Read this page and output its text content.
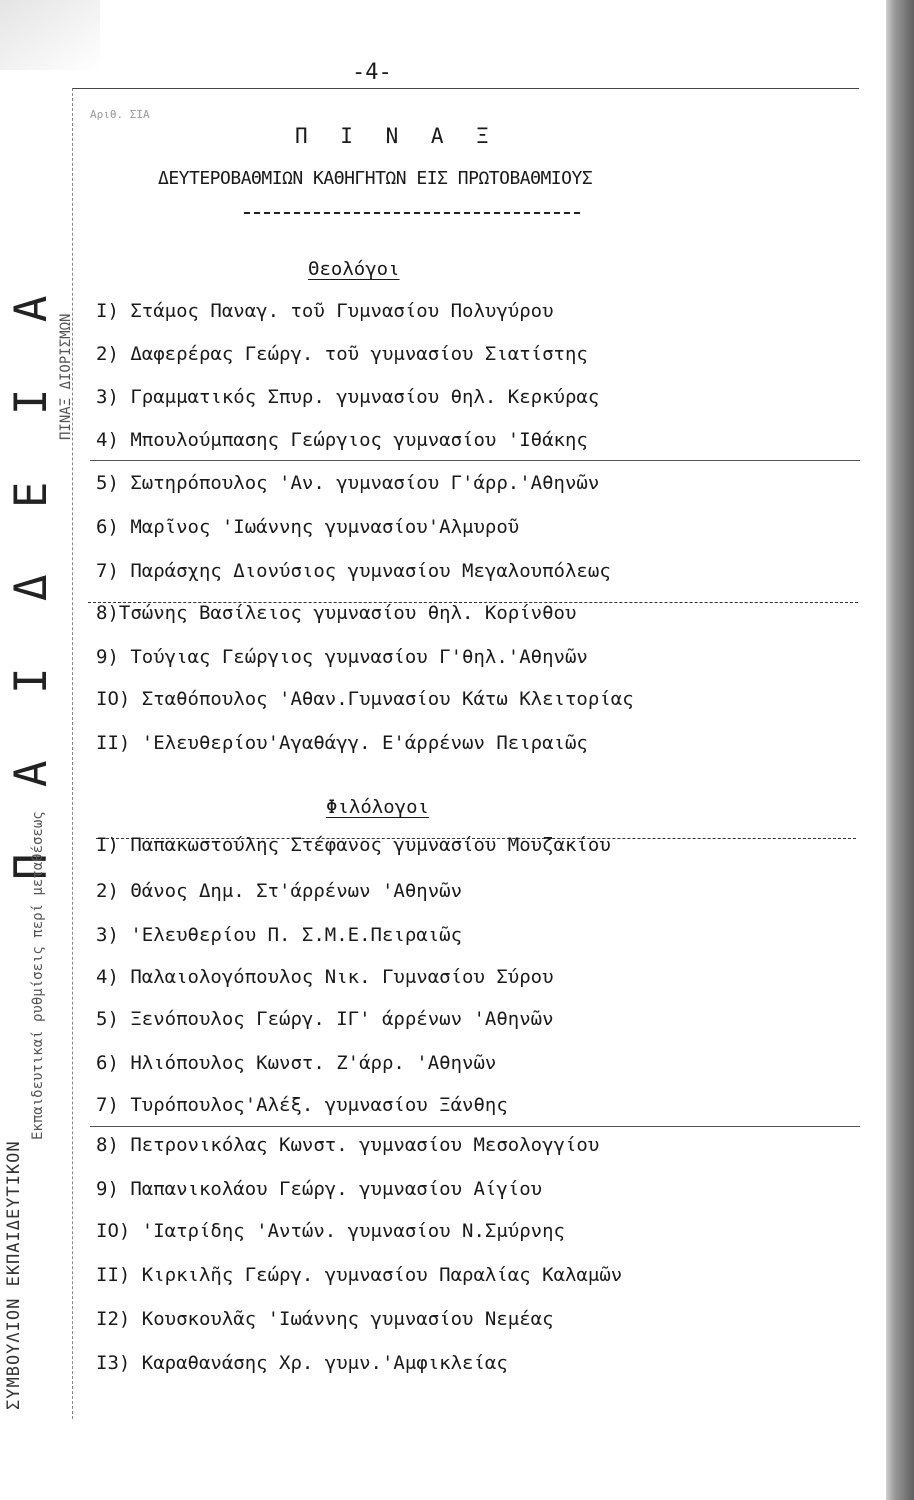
-4-
Αριθ. ΣΙΑ
Π Ι Ν Α Ξ
ΔΕΥΤΕΡΟΒΑΘΜΙΩΝ ΚΑΘΗΓΗΤΩΝ ΕΙΣ ΠΡΩΤΟΒΑΘΜΙΟΥΣ
Θεολόγοι
Ι) Στάμος Παναγ. τοῦ Γυμνασίου Πολυγύρου
2) Δαφερέρας Γεώργ. τοῦ γυμνασίου Σιατίστης
3) Γραμματικός Σπυρ. γυμνασίου θηλ. Κερκύρας
4) Μπουλούμπασης Γεώργιος γυμνασίου 'Ιθάκης
5) Σωτηρόπουλος 'Αν. γυμνασίου Γ'άρρ.'Αθηνῶν
6) Μαρῖνος 'Ιωάννης γυμνασίου'Αλμυροῦ
7) Παράσχης Διονύσιος γυμνασίου Μεγαλουπόλεως
8)Τσώνης Βασίλειος γυμνασίου θηλ. Κορίνθου
9) Τούγιας Γεώργιος γυμνασίου Γ'θηλ.'Αθηνῶν
ΙΟ) Σταθόπουλος 'Αθαν.Γυμνασίου Κάτω Κλειτορίας
ΙΙ) 'Ελευθερίου'Αγαθάγγ. Ε'άρρένων Πειραιῶς
Φιλόλογοι
Ι) Παπακωστούλης Στέφανος γυμνασίου Μουζακίου
2) Θάνος Δημ. Στ'άρρένων 'Αθηνῶν
3) 'Ελευθερίου Π. Σ.Μ.Ε.Πειραιῶς
4) Παλαιολογόπουλος Νικ. Γυμνασίου Σύρου
5) Ξενόπουλος Γεώργ. ΙΓ' άρρένων 'Αθηνῶν
6) Ηλιόπουλος Κωνστ. Ζ'άρρ. 'Αθηνῶν
7) Τυρόπουλος'Αλέξ. γυμνασίου Ξάνθης
8) Πετρονικόλας Κωνστ. γυμνασίου Μεσολογγίου
9) Παπανικολάου Γεώργ. γυμνασίου Αίγίου
ΙΟ) 'Ιατρίδης 'Αντών. γυμνασίου Ν.Σμύρνης
ΙΙ) Κιρκιλῆς Γεώργ. γυμνασίου Παραλίας Καλαμῶν
Ι2) Κουσκουλᾶς 'Ιωάννης γυμνασίου Νεμέας
Ι3) Καραθανάσης Χρ. γυμν.'Αμφικλείας
ΣΥΜΒΟΥΛΙΟΝ ΕΚΠΑΙΔΕΥΤΙΚΟΝ
Π Α Ι Δ Ε Ι Α
Εκπαιδευτικαί ρυθμίσεις περί μεταθέσεως
ΠΙΝΑΞ ΔΙΟΡΙΣΜΩΝ
